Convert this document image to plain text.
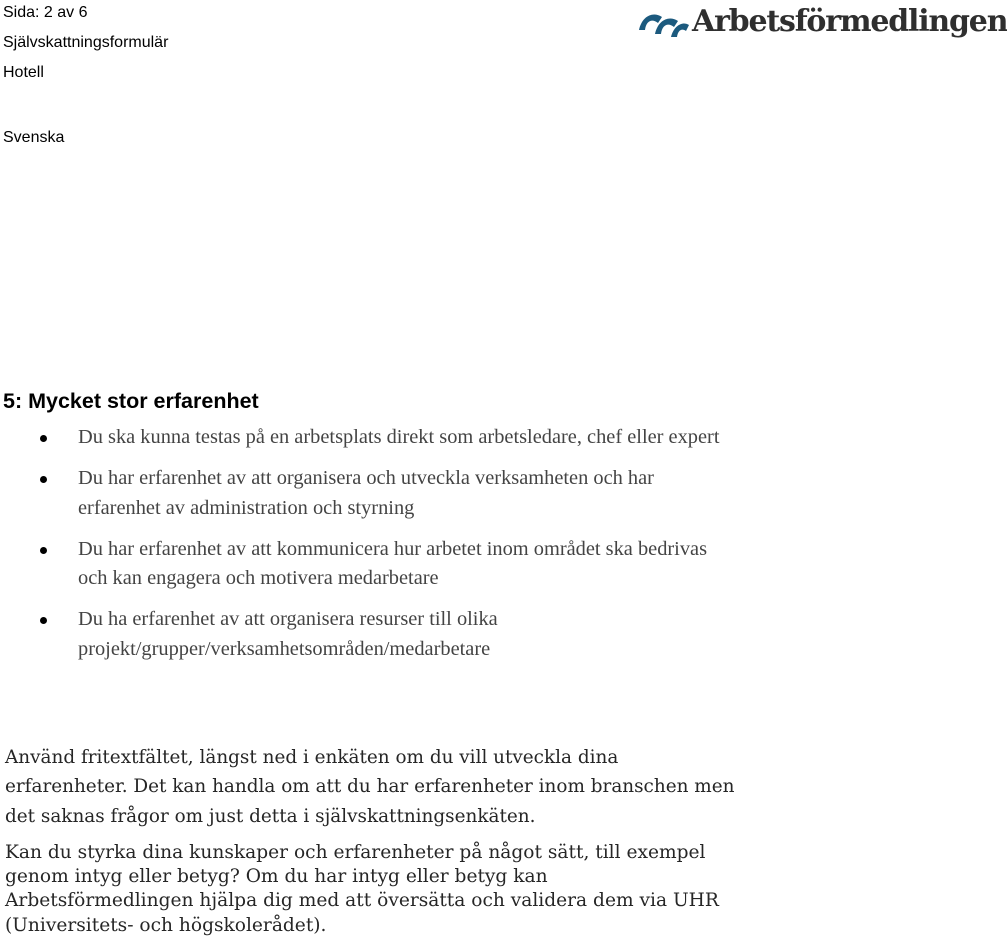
Sida: 2 av 6
Självskattningsformulär
Hotell
Svenska
Arbetsförmedlingen
5: Mycket stor erfarenhet
Du ska kunna testas på en arbetsplats direkt som arbetsledare, chef eller expert
Du har erfarenhet av att organisera och utveckla verksamheten och har erfarenhet av administration och styrning
Du har erfarenhet av att kommunicera hur arbetet inom området ska bedrivas och kan engagera och motivera medarbetare
Du ha erfarenhet av att organisera resurser till olika projekt/grupper/verksamhetsområden/medarbetare

Använd fritextfältet, längst ned i enkäten om du vill utveckla dina erfarenheter. Det kan handla om att du har erfarenheter inom branschen men det saknas frågor om just detta i självskattningsenkäten.

Kan du styrka dina kunskaper och erfarenheter på något sätt, till exempel genom intyg eller betyg? Om du har intyg eller betyg kan Arbetsförmedlingen hjälpa dig med att översätta och validera dem via UHR (Universitets- och högskolerådet).
